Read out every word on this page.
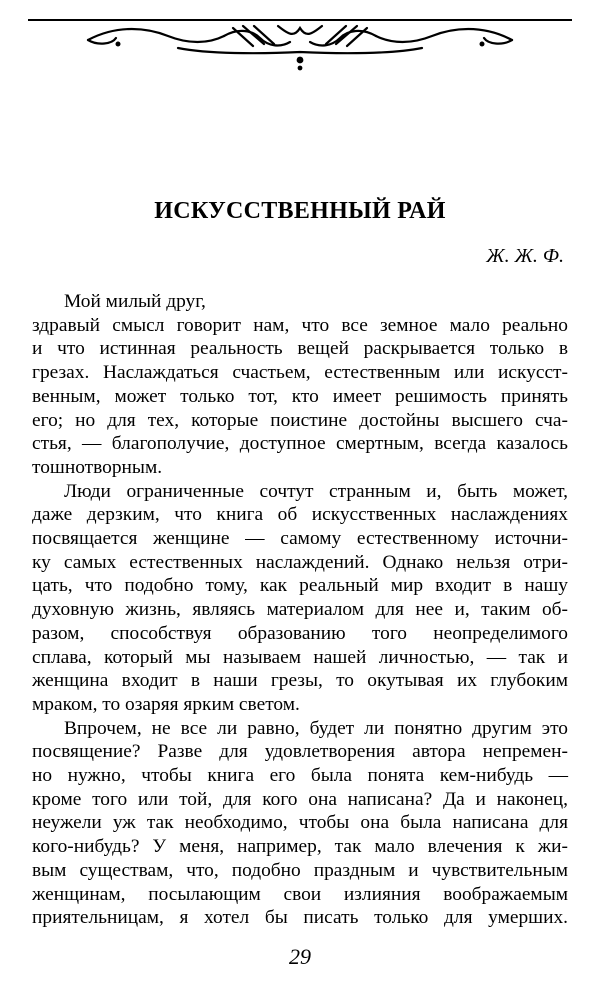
ИСКУССТВЕННЫЙ РАЙ
Ж. Ж. Ф.

Мой милый друг,
здравый смысл говорит нам, что все земное мало реально
и что истинная реальность вещей раскрывается только в
грезах. Наслаждаться счастьем, естественным или искусст-
венным, может только тот, кто имеет решимость принять
его; но для тех, которые поистине достойны высшего сча-
стья, — благополучие, доступное смертным, всегда казалось
тошнотворным.

Люди ограниченные сочтут странным и, быть может,
даже дерзким, что книга об искусственных наслаждениях
посвящается женщине — самому естественному источни-
ку самых естественных наслаждений. Однако нельзя отри-
цать, что подобно тому, как реальный мир входит в нашу
духовную жизнь, являясь материалом для нее и, таким об-
разом, способствуя образованию того неопределимого
сплава, который мы называем нашей личностью, — так и
женщина входит в наши грезы, то окутывая их глубоким
мраком, то озаряя ярким светом.

Впрочем, не все ли равно, будет ли понятно другим это
посвящение? Разве для удовлетворения автора непремен-
но нужно, чтобы книга его была понята кем-нибудь —
кроме того или той, для кого она написана? Да и наконец,
неужели уж так необходимо, чтобы она была написана для
кого-нибудь? У меня, например, так мало влечения к жи-
вым существам, что, подобно праздным и чувствительным
женщинам, посылающим свои излияния воображаемым
приятельницам, я хотел бы писать только для умерших.

29
